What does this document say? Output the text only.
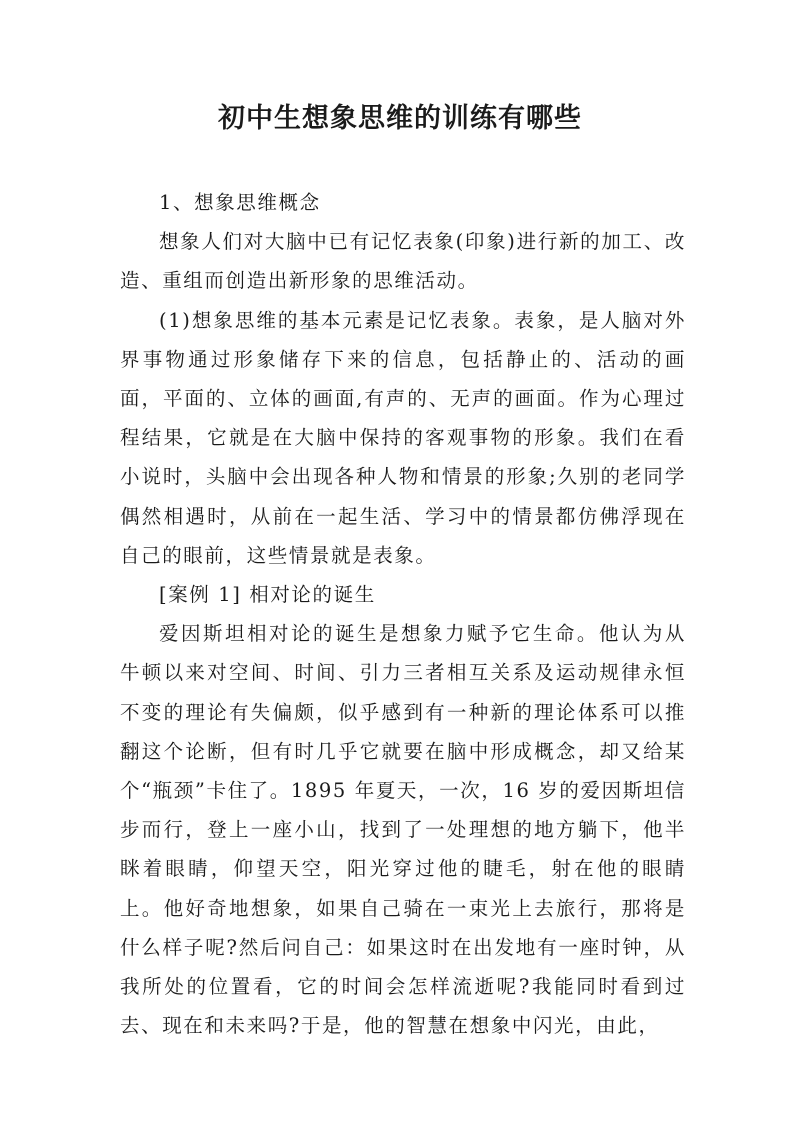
初中生想象思维的训练有哪些

1、想象思维概念

想象人们对大脑中已有记忆表象(印象)进行新的加工、改造、重组而创造出新形象的思维活动。

(1)想象思维的基本元素是记忆表象。表象，是人脑对外界事物通过形象储存下来的信息，包括静止的、活动的画面，平面的、立体的画面,有声的、无声的画面。作为心理过程结果，它就是在大脑中保持的客观事物的形象。我们在看小说时，头脑中会出现各种人物和情景的形象;久别的老同学偶然相遇时，从前在一起生活、学习中的情景都仿佛浮现在自己的眼前，这些情景就是表象。

[案例 1] 相对论的诞生

爱因斯坦相对论的诞生是想象力赋予它生命。他认为从牛顿以来对空间、时间、引力三者相互关系及运动规律永恒不变的理论有失偏颇，似乎感到有一种新的理论体系可以推翻这个论断，但有时几乎它就要在脑中形成概念，却又给某个“瓶颈”卡住了。1895 年夏天，一次，16 岁的爱因斯坦信步而行，登上一座小山，找到了一处理想的地方躺下，他半眯着眼睛，仰望天空，阳光穿过他的睫毛，射在他的眼睛上。他好奇地想象，如果自己骑在一束光上去旅行，那将是什么样子呢?然后问自己：如果这时在出发地有一座时钟，从我所处的位置看，它的时间会怎样流逝呢?我能同时看到过去、现在和未来吗?于是，他的智慧在想象中闪光，由此，
